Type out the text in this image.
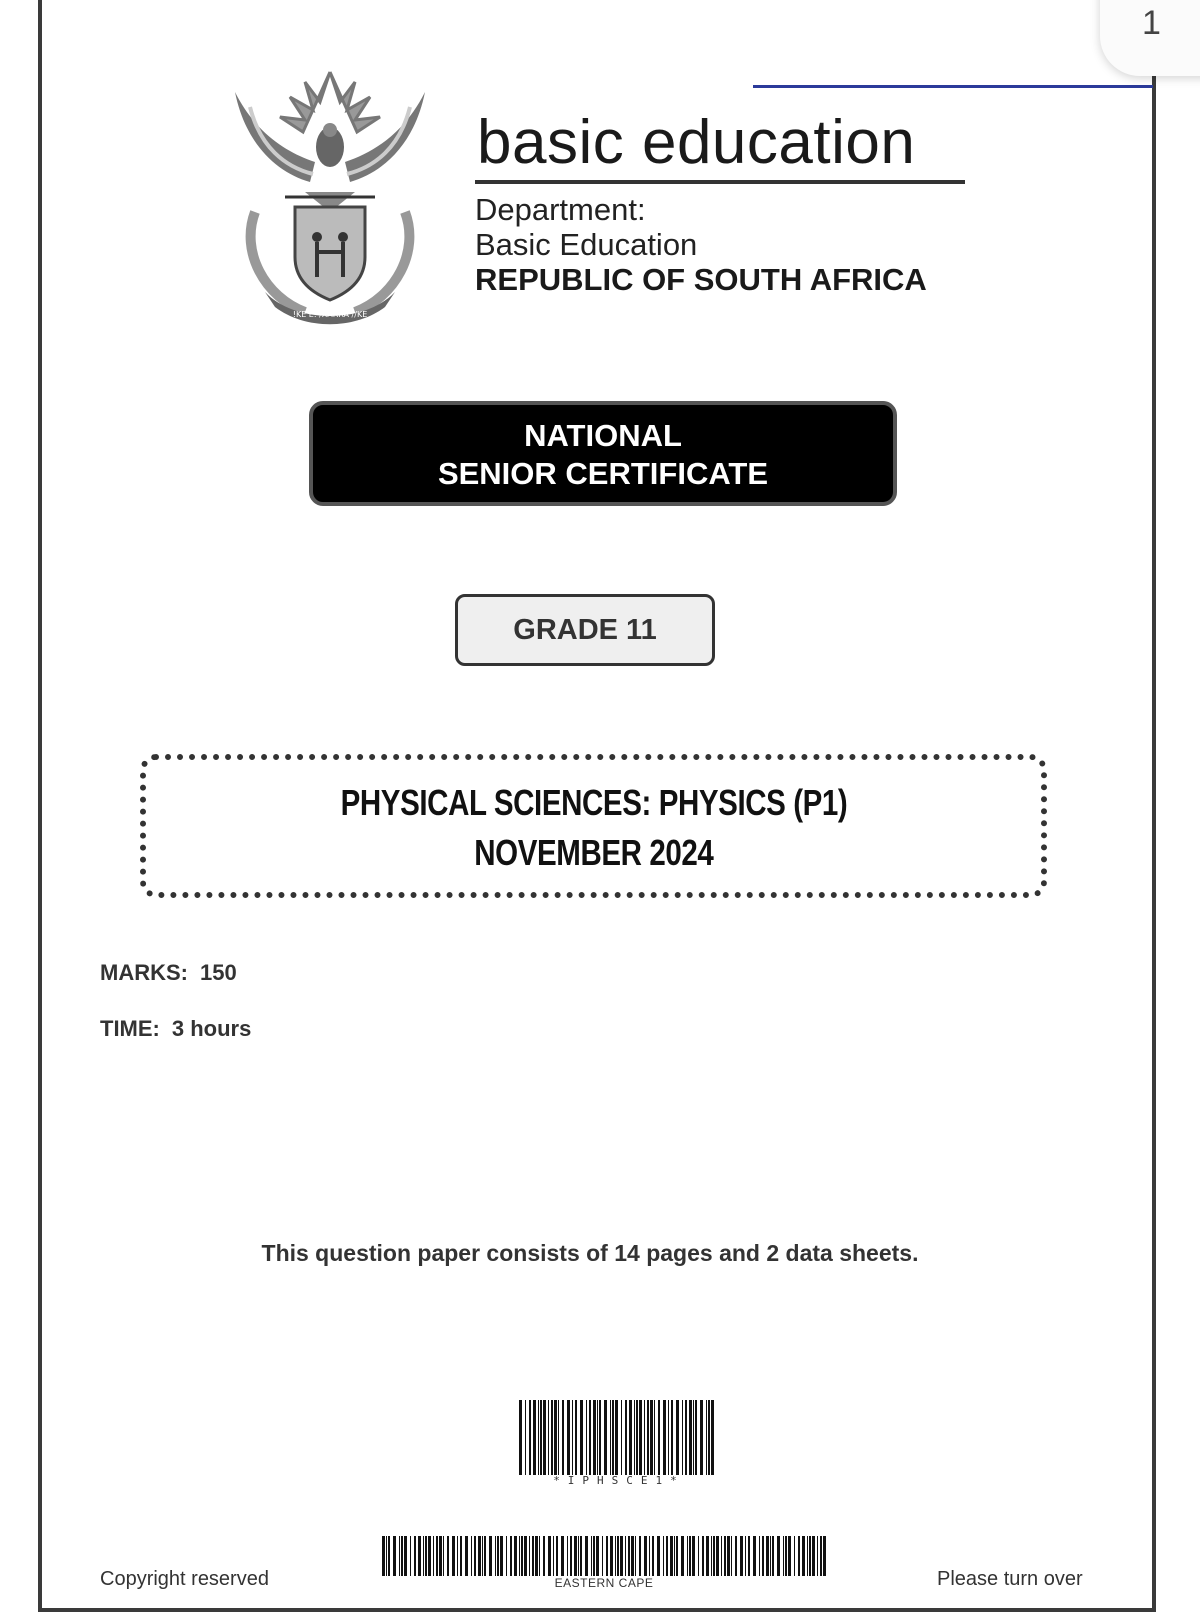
1
!KE E: /XARRA //KE
basic education
Department:
Basic Education
REPUBLIC OF SOUTH AFRICA
NATIONAL
SENIOR CERTIFICATE
GRADE 11
PHYSICAL SCIENCES: PHYSICS (P1)
NOVEMBER 2024
MARKS: 150
TIME: 3 hours
This question paper consists of 14 pages and 2 data sheets.
*IPHSCE1*
EASTERN CAPE
Copyright reserved	Please turn over
